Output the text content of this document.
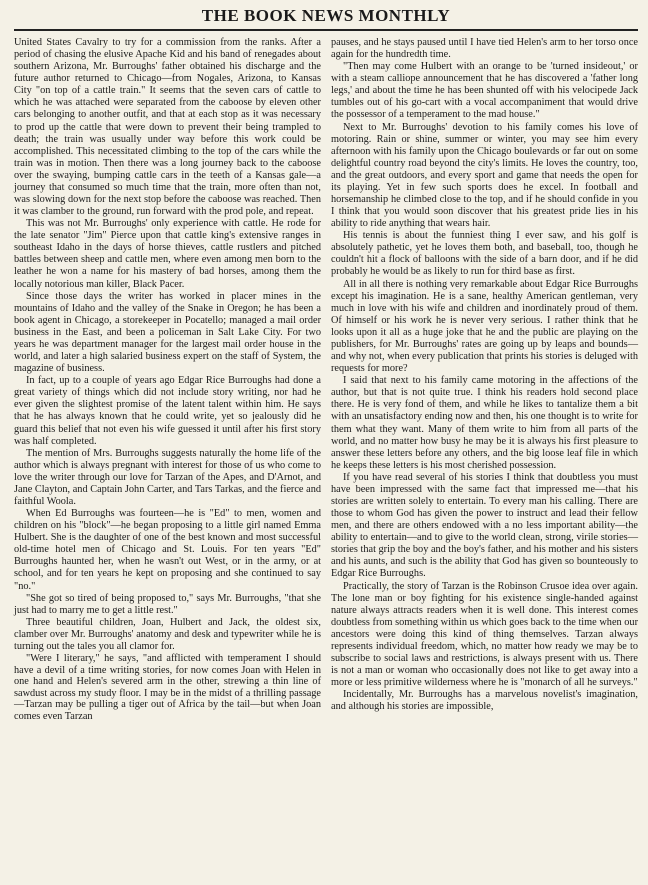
THE BOOK NEWS MONTHLY

United States Cavalry to try for a commission from the ranks. After a period of chasing the elusive Apache Kid and his band of renegades about southern Arizona, Mr. Burroughs' father obtained his discharge and the future author returned to Chicago—from Nogales, Arizona, to Kansas City "on top of a cattle train." It seems that the seven cars of cattle to which he was attached were separated from the caboose by eleven other cars belonging to another outfit, and that at each stop as it was necessary to prod up the cattle that were down to prevent their being trampled to death; the train was usually under way before this work could be accomplished. This necessitated climbing to the top of the cars while the train was in motion. Then there was a long journey back to the caboose over the swaying, bumping cattle cars in the teeth of a Kansas gale—a journey that consumed so much time that the train, more often than not, was slowing down for the next stop before the caboose was reached. Then it was clamber to the ground, run forward with the prod pole, and repeat.

This was not Mr. Burroughs' only experience with cattle. He rode for the late senator "Jim" Pierce upon that cattle king's extensive ranges in southeast Idaho in the days of horse thieves, cattle rustlers and pitched battles between sheep and cattle men, where even among men born to the leather he won a name for his mastery of bad horses, among them the locally notorious man killer, Black Pacer.

Since those days the writer has worked in placer mines in the mountains of Idaho and the valley of the Snake in Oregon; he has been a book agent in Chicago, a storekeeper in Pocatello; managed a mail order business in the East, and been a policeman in Salt Lake City. For two years he was department manager for the largest mail order house in the world, and later a high salaried business expert on the staff of System, the magazine of business.

In fact, up to a couple of years ago Edgar Rice Burroughs had done a great variety of things which did not include story writing, nor had he ever given the slightest promise of the latent talent within him. He says that he has always known that he could write, yet so jealously did he guard this belief that not even his wife guessed it until after his first story was half completed.

The mention of Mrs. Burroughs suggests naturally the home life of the author which is always pregnant with interest for those of us who come to love the writer through our love for Tarzan of the Apes, and D'Arnot, and Jane Clayton, and Captain John Carter, and Tars Tarkas, and the fierce and faithful Woola.

When Ed Burroughs was fourteen—he is "Ed" to men, women and children on his "block"—he began proposing to a little girl named Emma Hulbert. She is the daughter of one of the best known and most successful old-time hotel men of Chicago and St. Louis. For ten years "Ed" Burroughs haunted her, when he wasn't out West, or in the army, or at school, and for ten years he kept on proposing and she continued to say "no."

"She got so tired of being proposed to," says Mr. Burroughs, "that she just had to marry me to get a little rest."

Three beautiful children, Joan, Hulbert and Jack, the oldest six, clamber over Mr. Burroughs' anatomy and desk and typewriter while he is turning out the tales you all clamor for.

"Were I literary," he says, "and afflicted with temperament I should have a devil of a time writing stories, for now comes Joan with Helen in one hand and Helen's severed arm in the other, strewing a thin line of sawdust across my study floor. I may be in the midst of a thrilling passage—Tarzan may be pulling a tiger out of Africa by the tail—but when Joan comes even Tarzan

pauses, and he stays paused until I have tied Helen's arm to her torso once again for the hundredth time.

"Then may come Hulbert with an orange to be 'turned insideout,' or with a steam calliope announcement that he has discovered a 'father long legs,' and about the time he has been shunted off with his velocipede Jack tumbles out of his go-cart with a vocal accompaniment that would drive the possessor of a temperament to the mad house."

Next to Mr. Burroughs' devotion to his family comes his love of motoring. Rain or shine, summer or winter, you may see him every afternoon with his family upon the Chicago boulevards or far out on some delightful country road beyond the city's limits. He loves the country, too, and the great outdoors, and every sport and game that needs the open for its playing. Yet in few such sports does he excel. In football and horsemanship he climbed close to the top, and if he should confide in you I think that you would soon discover that his greatest pride lies in his ability to ride anything that wears hair.

His tennis is about the funniest thing I ever saw, and his golf is absolutely pathetic, yet he loves them both, and baseball, too, though he couldn't hit a flock of balloons with the side of a barn door, and if he did probably he would be as likely to run for third base as first.

All in all there is nothing very remarkable about Edgar Rice Burroughs except his imagination. He is a sane, healthy American gentleman, very much in love with his wife and children and inordinately proud of them. Of himself or his work he is never very serious. I rather think that he looks upon it all as a huge joke that he and the public are playing on the publishers, for Mr. Burroughs' rates are going up by leaps and bounds—and why not, when every publication that prints his stories is deluged with requests for more?

I said that next to his family came motoring in the affections of the author, but that is not quite true. I think his readers hold second place there. He is very fond of them, and while he likes to tantalize them a bit with an unsatisfactory ending now and then, his one thought is to write for them what they want. Many of them write to him from all parts of the world, and no matter how busy he may be it is always his first pleasure to answer these letters before any others, and the big loose leaf file in which he keeps these letters is his most cherished possession.

If you have read several of his stories I think that doubtless you must have been impressed with the same fact that impressed me—that his stories are written solely to entertain. To every man his calling. There are those to whom God has given the power to instruct and lead their fellow men, and there are others endowed with a no less important ability—the ability to entertain—and to give to the world clean, strong, virile stories—stories that grip the boy and the boy's father, and his mother and his sisters and his aunts, and such is the ability that God has given so bounteously to Edgar Rice Burroughs.

Practically, the story of Tarzan is the Robinson Crusoe idea over again. The lone man or boy fighting for his existence single-handed against nature always attracts readers when it is well done. This interest comes doubtless from something within us which goes back to the time when our ancestors were doing this kind of thing themselves. Tarzan always represents individual freedom, which, no matter how ready we may be to subscribe to social laws and restrictions, is always present with us. There is not a man or woman who occasionally does not like to get away into a more or less primitive wilderness where he is "monarch of all he surveys."

Incidentally, Mr. Burroughs has a marvelous novelist's imagination, and although his stories are impossible,
